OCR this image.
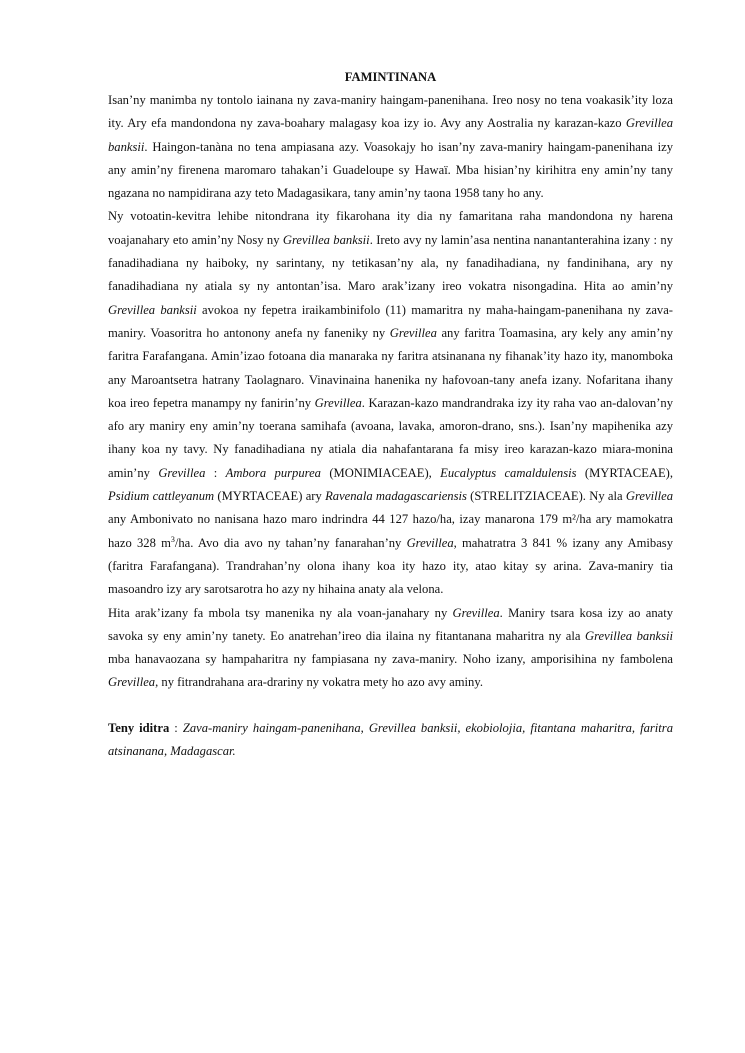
FAMINTINANA

Isan’ny manimba ny tontolo iainana ny zava-maniry haingam-panenihana. Ireo nosy no tena voakasik’ity loza ity. Ary efa mandondona ny zava-boahary malagasy koa izy io. Avy any Aostralia ny karazan-kazo Grevillea banksii. Haingon-tanàna no tena ampiasana azy. Voasokajy ho isan’ny zava-maniry haingam-panenihana izy any amin’ny firenena maromaro tahakan’i Guadeloupe sy Hawaï. Mba hisian’ny kirihitra eny amin’ny tany ngazana no nampidirana azy teto Madagasikara, tany amin’ny taona 1958 tany ho any.

Ny votoatin-kevitra lehibe nitondrana ity fikarohana ity dia ny famaritana raha mandondona ny harena voajanahary eto amin’ny Nosy ny Grevillea banksii. Ireto avy ny lamin’asa nentina nanantanterahina izany : ny fanadihadiana ny haiboky, ny sarintany, ny tetikasan’ny ala, ny fanadihadiana, ny fandinihana, ary ny fanadihadiana ny atiala sy ny antontan’isa. Maro arak’izany ireo vokatra nisongadina. Hita ao amin’ny Grevillea banksii avokoa ny fepetra iraikambinifolo (11) mamaritra ny maha-haingam-panenihana ny zava-maniry. Voasoritra ho antonony anefa ny faneniky ny Grevillea any faritra Toamasina, ary kely any amin’ny faritra Farafangana. Amin’izao fotoana dia manaraka ny faritra atsinanana ny fihanak’ity hazo ity, manomboka any Maroantsetra hatrany Taolagnaro. Vinavinaina hanenika ny hafovoan-tany anefa izany. Nofaritana ihany koa ireo fepetra manampy ny fanirin’ny Grevillea. Karazan-kazo mandrandraka izy ity raha vao an-dalovan’ny afo ary maniry eny amin’ny toerana samihafa (avoana, lavaka, amoron-drano, sns.). Isan’ny mapihenika azy ihany koa ny tavy. Ny fanadihadiana ny atiala dia nahafantarana fa misy ireo karazan-kazo miara-monina amin’ny Grevillea : Ambora purpurea (MONIMIACEAE), Eucalyptus camaldulensis (MYRTACEAE), Psidium cattleyanum (MYRTACEAE) ary Ravenala madagascariensis (STRELITZIACEAE). Ny ala Grevillea any Ambonivato no nanisana hazo maro indrindra 44 127 hazo/ha, izay manarona 179 m²/ha ary mamokatra hazo 328 $m^3/ha$. Avo dia avo ny tahan’ny fanarahan’ny Grevillea, mahatratra 3 841 % izany any Amibasy (faritra Farafangana). Trandrahan’ny olona ihany koa ity hazo ity, atao kitay sy arina. Zava-maniry tia masoandro izy ary sarotsarotra ho azy ny hihaina anaty ala velona.

Hita arak’izany fa mbola tsy manenika ny ala voan-janahary ny Grevillea. Maniry tsara kosa izy ao anaty savoka sy eny amin’ny tanety. Eo anatrehan’ireo dia ilaina ny fitantanana maharitra ny ala Grevillea banksii mba hanavaozana sy hampaharitra ny fampiasana ny zava-maniry. Noho izany, amporisihina ny fambolena Grevillea, ny fitrandrahana ara-drariny ny vokatra mety ho azo avy aminy.

Teny iditra : Zava-maniry haingam-panenihana, Grevillea banksii, ekobiolojia, fitantana maharitra, faritra atsinanana, Madagascar.
